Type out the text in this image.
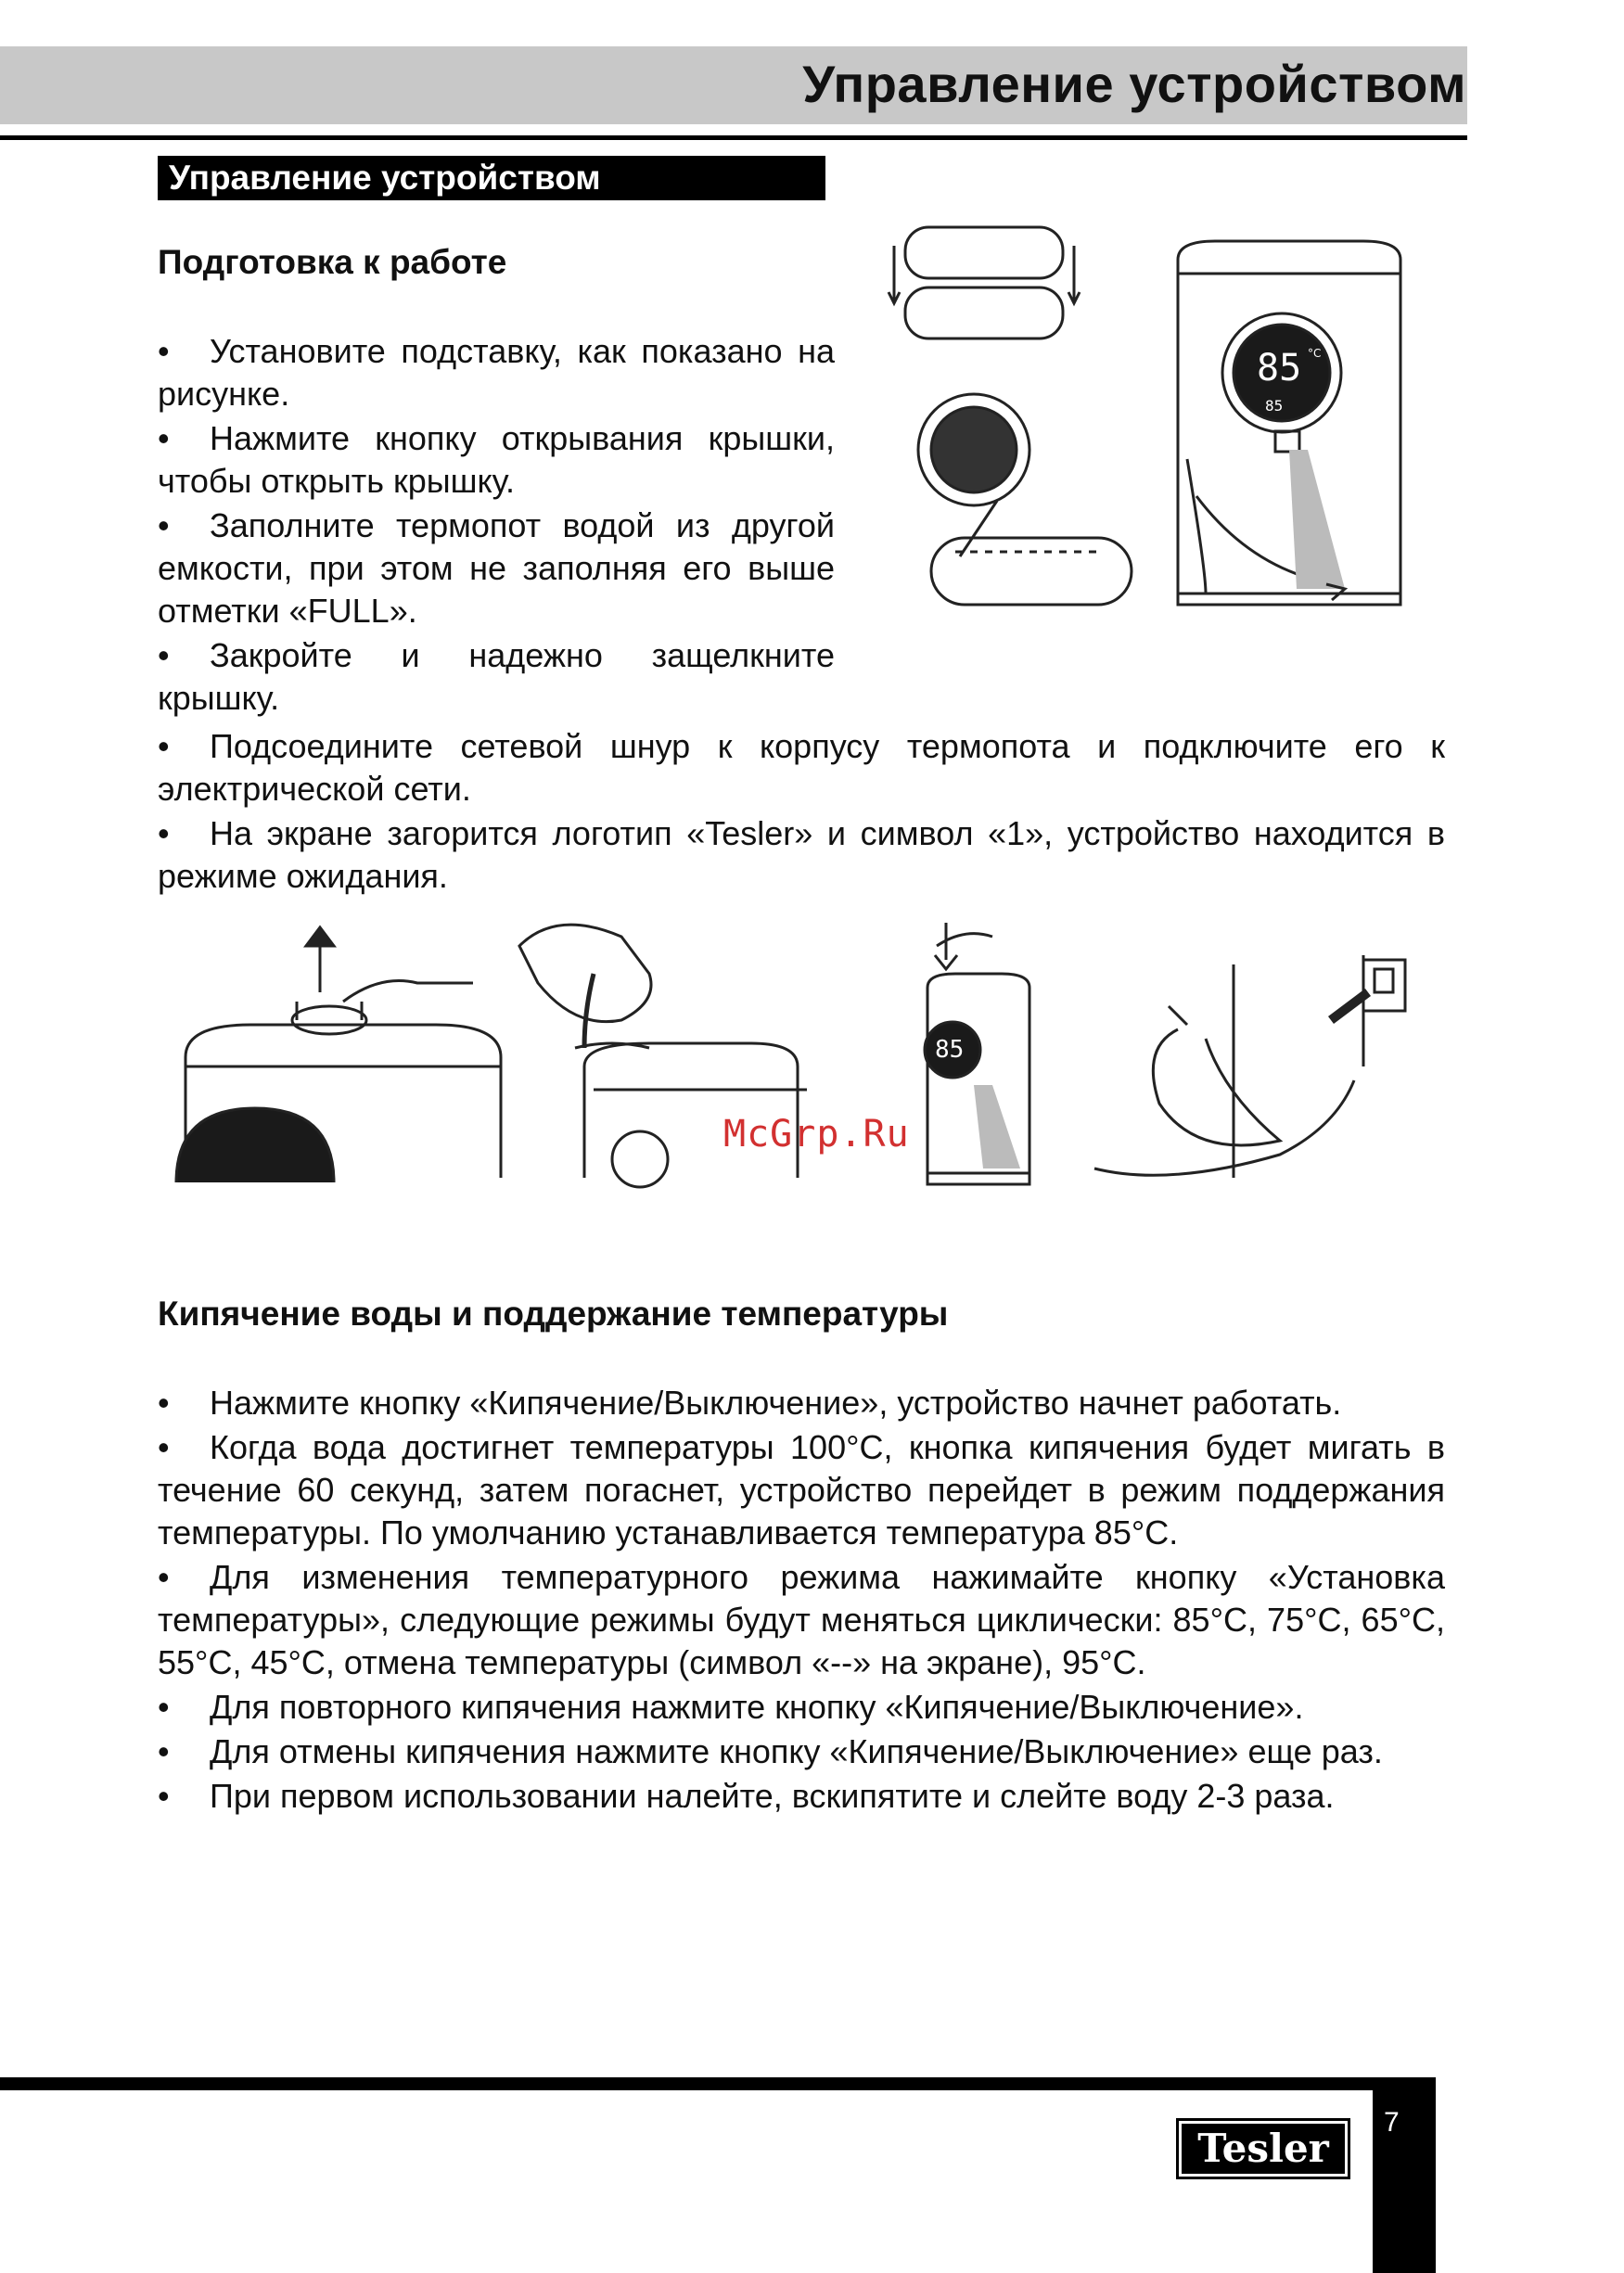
Управление устройством
Управление устройством
Подготовка к работе
• Установите подставку, как показано на рисунке.
• Нажмите кнопку открывания крышки, чтобы открыть крышку.
• Заполните термопот водой из другой емкости, при этом не заполняя его выше отметки «FULL».
• Закройте и надежно защелкните крышку.
• Подсоедините сетевой шнур к корпусу термопота и подключите его к электрической сети.
• На экране загорится логотип «Tesler» и символ «1», устройство находится в режиме ожидания.
85
85
°C
85
McGrp.Ru
Кипячение воды и поддержание температуры
• Нажмите кнопку «Кипячение/Выключение», устройство начнет работать.
• Когда вода достигнет температуры 100°C, кнопка кипячения будет мигать в течение 60 секунд, затем погаснет, устройство перейдет в режим поддержания температуры. По умолчанию устанавливается температура 85°C.
• Для изменения температурного режима нажимайте кнопку «Установка температуры», следующие режимы будут меняться циклически: 85°C, 75°C, 65°C, 55°C, 45°C, отмена температуры (символ «--» на экране), 95°C.
• Для повторного кипячения нажмите кнопку «Кипячение/Выключение».
• Для отмены кипячения нажмите кнопку «Кипячение/Выключение» еще раз.
• При первом использовании налейте, вскипятите и слейте воду 2-3 раза.
7
Tesler
